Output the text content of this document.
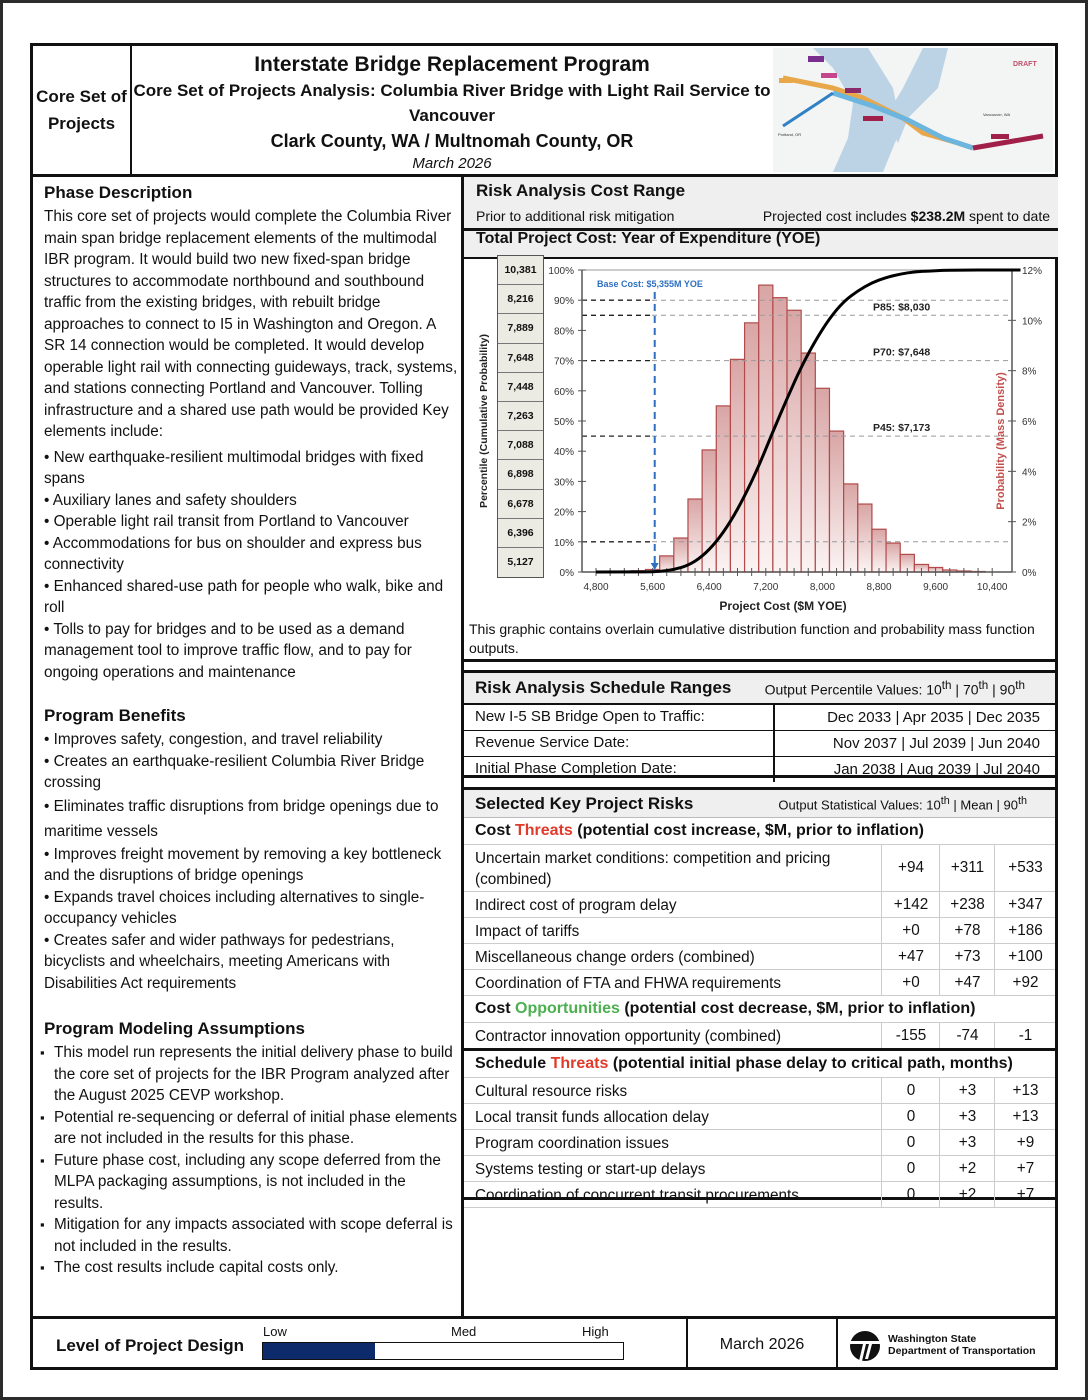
Core Set of Projects
Interstate Bridge Replacement Program
Core Set of Projects Analysis: Columbia River Bridge with Light Rail Service to Vancouver
Clark County, WA / Multnomah County, OR
March 2026
DRAFT
Portland, OR
Vancouver, WA
Phase Description

This core set of projects would complete the Columbia River main span bridge replacement elements of the multimodal IBR program. It would build two new fixed-span bridge structures to accommodate northbound and southbound traffic from the existing bridges, with rebuilt bridge approaches to connect to I5 in Washington and Oregon. A SR 14 connection would be completed. It would develop operable light rail with connecting guideways, track, systems, and stations connecting Portland and Vancouver. Tolling infrastructure and a shared use path would be provided Key elements include:

• New earthquake-resilient multimodal bridges with fixed spans

• Auxiliary lanes and safety shoulders

• Operable light rail transit from Portland to Vancouver

• Accommodations for bus on shoulder and express bus connectivity

• Enhanced shared-use path for people who walk, bike and roll

• Tolls to pay for bridges and to be used as a demand management tool to improve traffic flow, and to pay for ongoing operations and maintenance

Program Benefits

• Improves safety, congestion, and travel reliability

• Creates an earthquake-resilient Columbia River Bridge crossing

• Eliminates traffic disruptions from bridge openings due to maritime vessels

• Improves freight movement by removing a key bottleneck and the disruptions of bridge openings

• Expands travel choices including alternatives to single-occupancy vehicles

• Creates safer and wider pathways for pedestrians, bicyclists and wheelchairs, meeting Americans with Disabilities Act requirements

Program Modeling Assumptions
▪ This model run represents the initial delivery phase to build the core set of projects for the IBR Program analyzed after the August 2025 CEVP workshop.
▪ Potential re-sequencing or deferral of initial phase elements are not included in the results for this phase.
▪ Future phase cost, including any scope deferred from the MLPA packaging assumptions, is not included in the results.
▪ Mitigation for any impacts associated with scope deferral is not included in the results.
▪ The cost results include capital costs only.
Risk Analysis Cost Range
Prior to additional risk mitigation	Projected cost includes $238.2M spent to date
Total Project Cost: Year of Expenditure (YOE)
10,381
8,216
7,889
7,648
7,448
7,263
7,088
6,898
6,678
6,396
5,127
0%
10%
20%
30%
40%
50%
60%
70%
80%
90%
100%
0%
2%
4%
6%
8%
10%
12%
4,800	5,600	6,400	7,200	8,000	8,800	9,600	10,400
Project Cost ($M YOE)
Percentile (Cumulative Probability)	Probability (Mass Density)
Base Cost: $5,355M YOE
P85: $8,030
P70: $7,648
P45: $7,173
This graphic contains overlain cumulative distribution function and probability mass function outputs.
Risk Analysis Schedule Ranges Output Percentile Values: 10th | 70th | 90th
New I-5 SB Bridge Open to Traffic:	Dec 2033 | Apr 2035 | Dec 2035
Revenue Service Date:	Nov 2037 | Jul 2039 | Jun 2040
Initial Phase Completion Date:	Jan 2038 | Aug 2039 | Jul 2040
Selected Key Project Risks	Output Statistical Values: 10th | Mean | 90th
Cost Threats (potential cost increase, $M, prior to inflation)
Uncertain market conditions: competition and pricing (combined)
+94	+311	+533
Indirect cost of program delay	+142	+238	+347
Impact of tariffs	+0	+78	+186
Miscellaneous change orders (combined)	+47	+73	+100
Coordination of FTA and FHWA requirements	+0	+47	+92
Cost Opportunities (potential cost decrease, $M, prior to inflation)
Contractor innovation opportunity (combined)	-155	-74	-1
Schedule Threats (potential initial phase delay to critical path, months)
Cultural resource risks	0	+3	+13
Local transit funds allocation delay	0	+3	+13
Program coordination issues	0	+3	+9
Systems testing or start-up delays	0	+2	+7
Coordination of concurrent transit procurements	0	+2	+7
Level of Project Design
Low	Med	High
March 2026	Washington State
Department of Transportation
